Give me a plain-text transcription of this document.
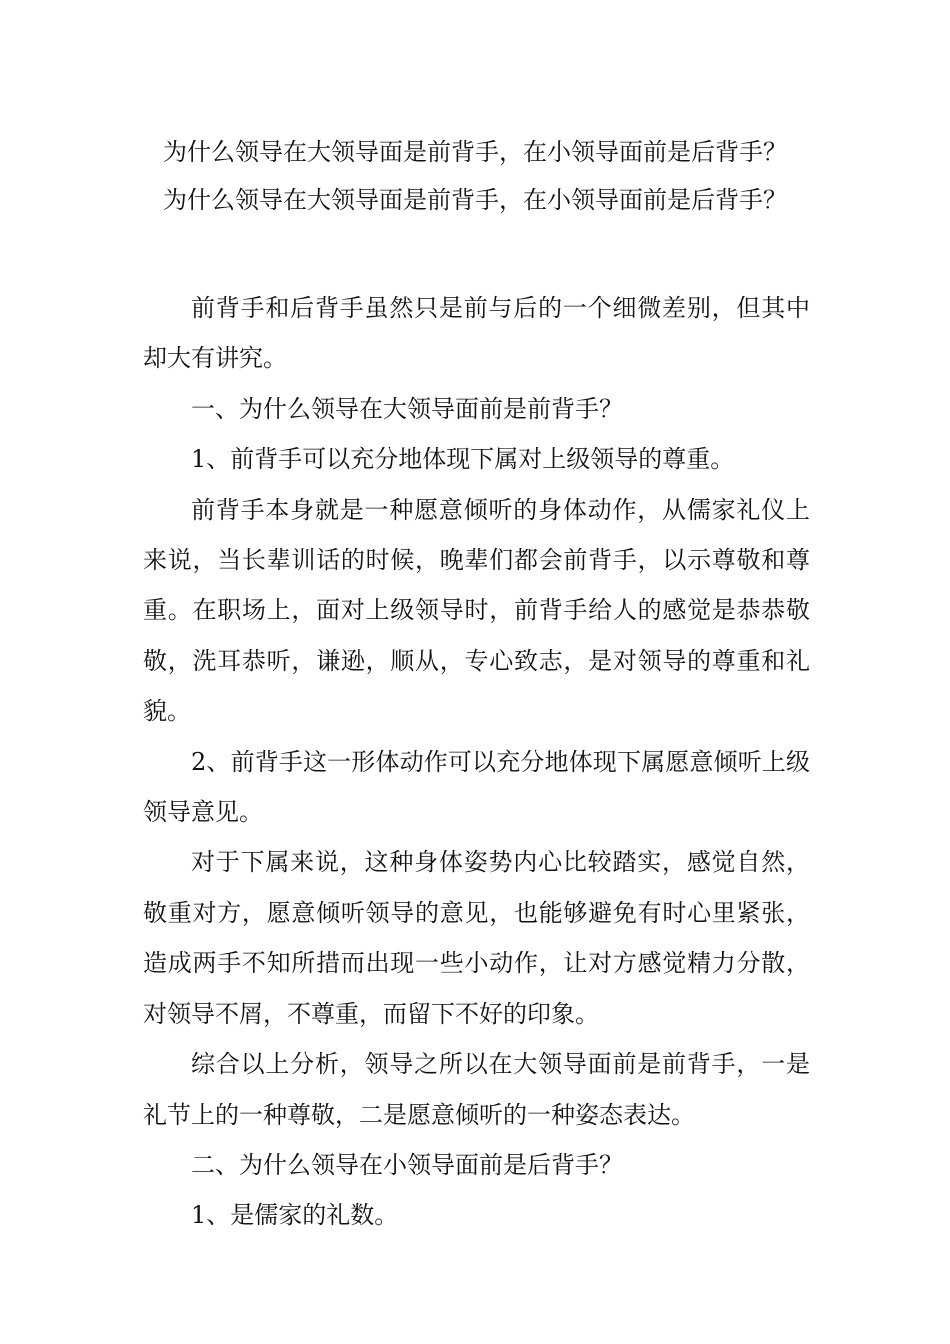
为什么领导在大领导面是前背手，在小领导面前是后背手？
为什么领导在大领导面是前背手，在小领导面前是后背手？

前背手和后背手虽然只是前与后的一个细微差别，但其中却大有讲究。

一、为什么领导在大领导面前是前背手？

1、前背手可以充分地体现下属对上级领导的尊重。

前背手本身就是一种愿意倾听的身体动作，从儒家礼仪上来说，当长辈训话的时候，晚辈们都会前背手，以示尊敬和尊重。在职场上，面对上级领导时，前背手给人的感觉是恭恭敬敬，洗耳恭听，谦逊，顺从，专心致志，是对领导的尊重和礼貌。

2、前背手这一形体动作可以充分地体现下属愿意倾听上级领导意见。

对于下属来说，这种身体姿势内心比较踏实，感觉自然，敬重对方，愿意倾听领导的意见，也能够避免有时心里紧张，造成两手不知所措而出现一些小动作，让对方感觉精力分散，对领导不屑，不尊重，而留下不好的印象。

综合以上分析，领导之所以在大领导面前是前背手，一是礼节上的一种尊敬，二是愿意倾听的一种姿态表达。

二、为什么领导在小领导面前是后背手？

1、是儒家的礼数。
